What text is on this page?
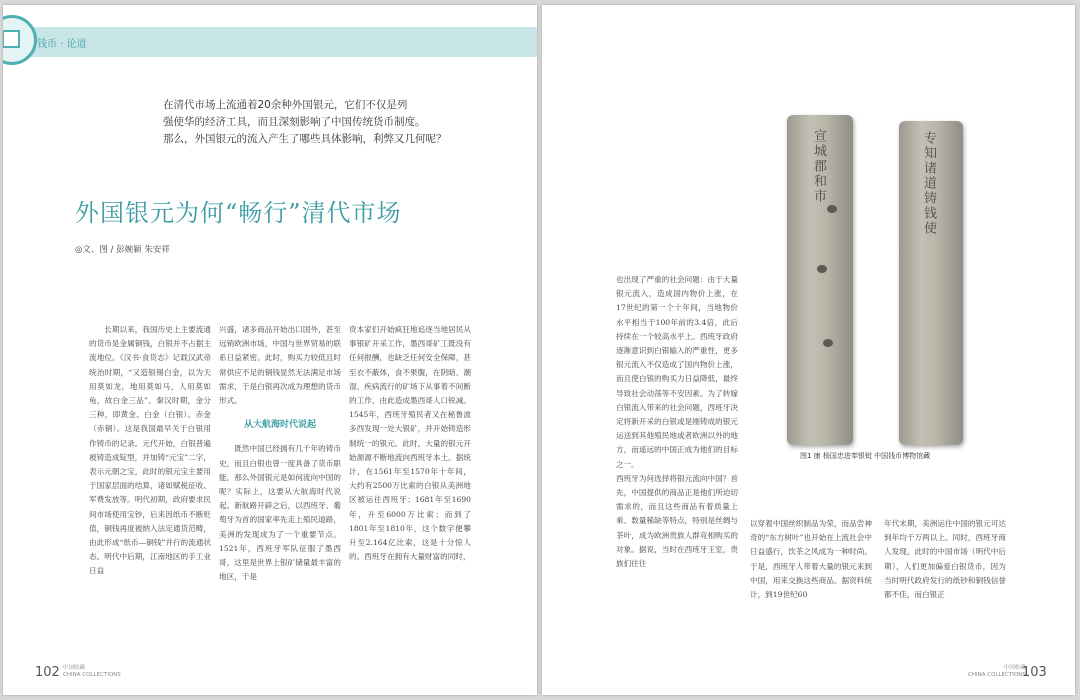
钱币 · 论道
在清代市场上流通着20余种外国银元，它们不仅是列
强使华的经济工具，而且深刻影响了中国传统货币制度。
那么，外国银元的流入产生了哪些具体影响，利弊又几何呢？
外国银元为何“畅行”清代市场
◎文、图 / 彭婉颖 朱安祥

长期以来，我国历史上主要流通的货币是金属铜钱，白银并不占据主流地位。《汉书·食货志》记载汉武帝统治时期，“又造银锡白金，以为天用莫如龙，地用莫如马，人用莫如龟，故白金三品”。秦汉时期，金分三种，即黄金、白金（白银）、赤金（赤铜）。这是我国最早关于白银用作铸币的记录。元代开始，白银普遍被铸造成锭型，并加铸“元宝”二字，表示元朝之宝，此时的银元宝主要用于国家层面的结算，诸如赋税征收、军费发放等。明代初期，政府要求民间市场使用宝钞，后来因纸币不断贬值，铜钱再度被纳入法定通货范畴，由此形成“纸币—铜钱”并行的流通状态。明代中后期，江南地区的手工业日益

兴盛，诸多商品开始出口国外，甚至远销欧洲市场，中国与世界贸易的联系日益紧密。此时，购买力较低且时常供应不足的铜钱显然无法满足市场需求，于是白银再次成为理想的货币形式。

从大航海时代说起

既然中国已经拥有几千年的铸币史，而且白银也曾一度具备了货币职能，那么外国银元是如何流向中国的呢？实际上，这要从大航海时代说起。新航路开辟之后，以西班牙、葡萄牙为首的国家率先走上殖民道路，美洲的发现成为了一个重要节点。1521年，西班牙军队征服了墨西哥，这里是世界上银矿储量最丰富的地区，于是

资本家们开始疯狂地追逐当地居民从事银矿开采工作，墨西哥矿工既没有任何报酬，也缺乏任何安全保障，甚至衣不蔽体，食不果腹，在阴暗、潮湿、疾病流行的矿场下从事着不间断的工作，由此造成墨西哥人口锐减。1545年，西班牙殖民者又在秘鲁波多西发现一处大银矿，并开始铸造形制统一的银元。此时，大量的银元开始源源不断地流向西班牙本土。据统计，在1561年至1570年十年间，大约有2500万比索的白银从美洲地区被运往西班牙；1681年至1690年，升至6000万比索；而到了1801年至1810年，这个数字便攀升至2.164亿比索，这是十分惊人的。西班牙在拥有大量财富的同时，

102 中国收藏
CHINA COLLECTIONS
宣城郡和市	专知诸道铸钱使
图1 康 杨国忠进奉银铤 中国钱币博物馆藏

也出现了严重的社会问题：由于大量银元流入，造成国内物价上涨，在17世纪的第一个十年间，当地物价水平相当于100年前的3.4倍，此后持续在一个较高水平上。西班牙政府逐渐意识到白银输入的严重性，更多银元流入不仅造成了国内物价上涨，而且使白银的购买力日益降低，最终导致社会动荡等不安因素。为了转嫁白银流入带来的社会问题，西班牙决定将新开采的白银或是刚铸成的银元运送到其他殖民地或者欧洲以外的地方，而遥远的中国正成为他们的目标之一。
西班牙为何选择将银元流向中国？首先，中国提供的商品正是他们所迫切需求的，而且这些商品有着质量上乘、数量稀缺等特点，特别是丝绸与茶叶，成为欧洲贵族人群竞相购买的对象。据说，当时在西班牙王室，贵族们往往

以穿着中国丝织制品为荣，而品尝神奇的“东方树叶”也开始在上流社会中日益盛行，饮茶之风成为一种时尚。于是，西班牙人带着大量的银元来到中国，用来交换这些商品。据资料统计，到19世纪60

年代末期，美洲运往中国的银元可达到年均千万两以上。同时，西班牙商人发现，此时的中国市场（明代中后期），人们更加偏爱白银货币，因为当时明代政府发行的纸钞和铜钱信誉都不佳，而白银正

中国收藏
CHINA COLLECTIONS
103
